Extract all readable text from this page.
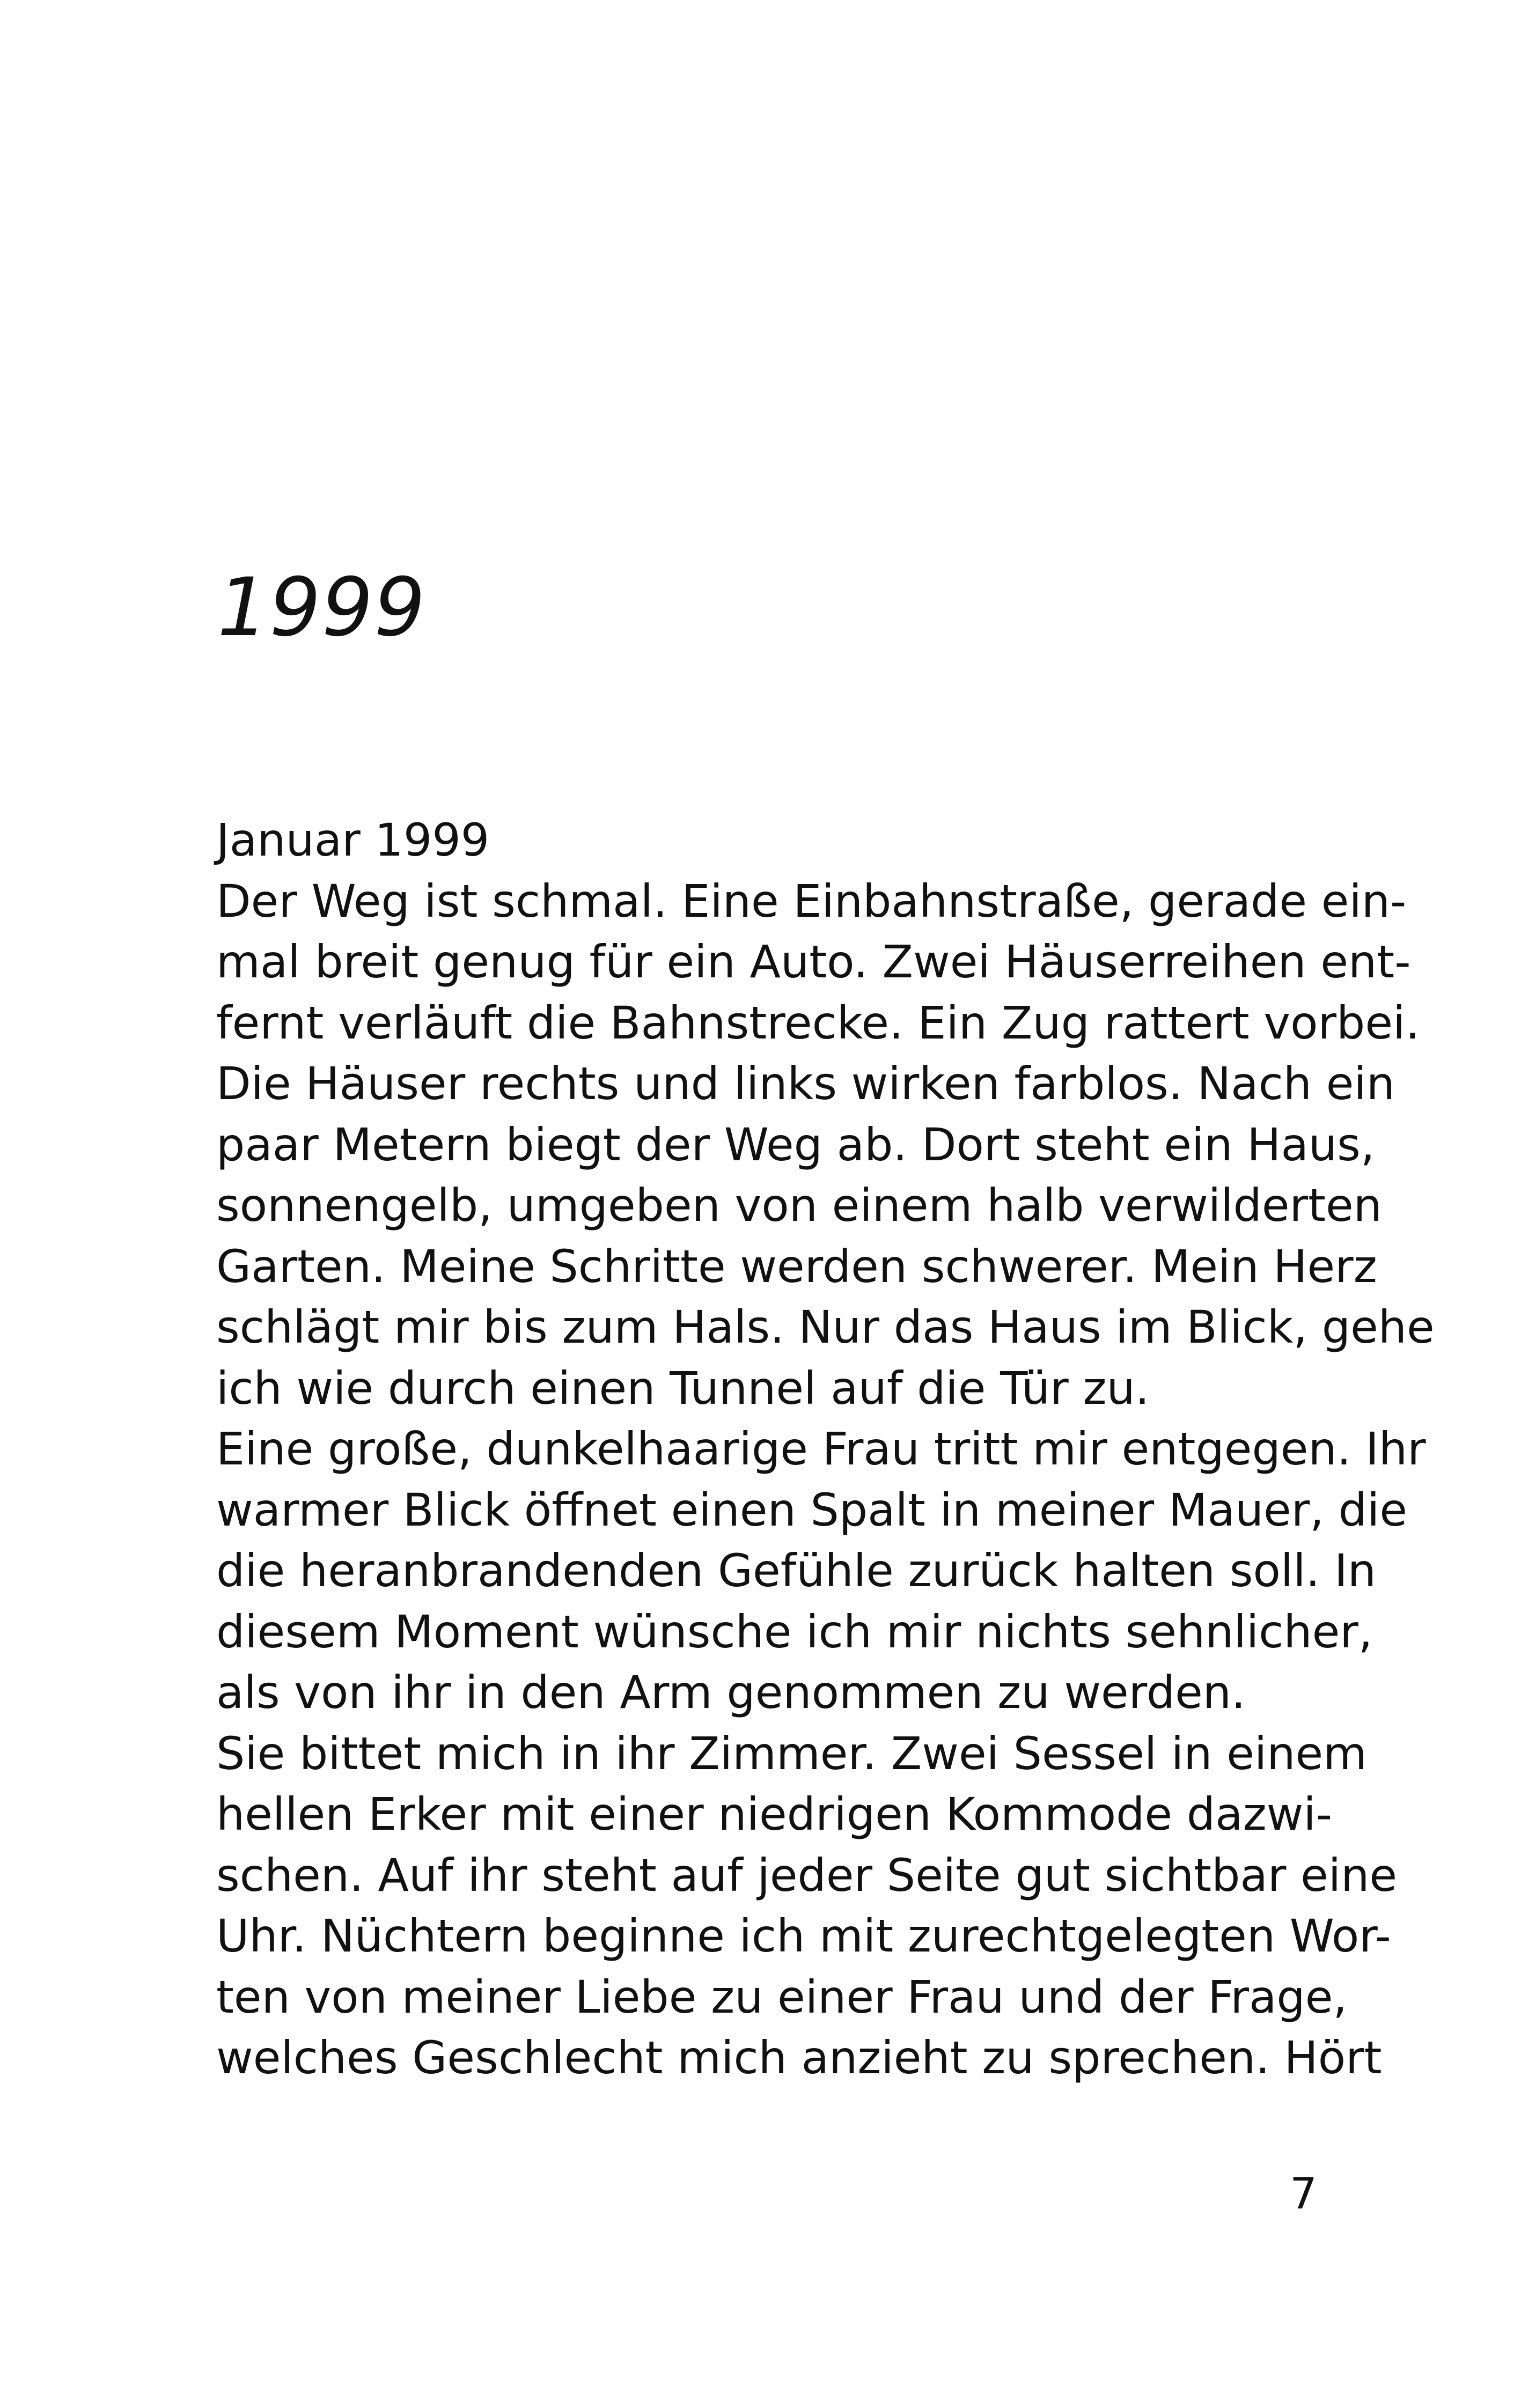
1999
Januar 1999
Der Weg ist schmal. Eine Einbahnstraße, gerade ein-
mal breit genug für ein Auto. Zwei Häuserreihen ent-
fernt verläuft die Bahnstrecke. Ein Zug rattert vorbei.
Die Häuser rechts und links wirken farblos. Nach ein
paar Metern biegt der Weg ab. Dort steht ein Haus,
sonnengelb, umgeben von einem halb verwilderten
Garten. Meine Schritte werden schwerer. Mein Herz
schlägt mir bis zum Hals. Nur das Haus im Blick, gehe
ich wie durch einen Tunnel auf die Tür zu.
Eine große, dunkelhaarige Frau tritt mir entgegen. Ihr
warmer Blick öffnet einen Spalt in meiner Mauer, die
die heranbrandenden Gefühle zurück halten soll. In
diesem Moment wünsche ich mir nichts sehnlicher,
als von ihr in den Arm genommen zu werden.
Sie bittet mich in ihr Zimmer. Zwei Sessel in einem
hellen Erker mit einer niedrigen Kommode dazwi-
schen. Auf ihr steht auf jeder Seite gut sichtbar eine
Uhr. Nüchtern beginne ich mit zurechtgelegten Wor-
ten von meiner Liebe zu einer Frau und der Frage,
welches Geschlecht mich anzieht zu sprechen. Hört
7
